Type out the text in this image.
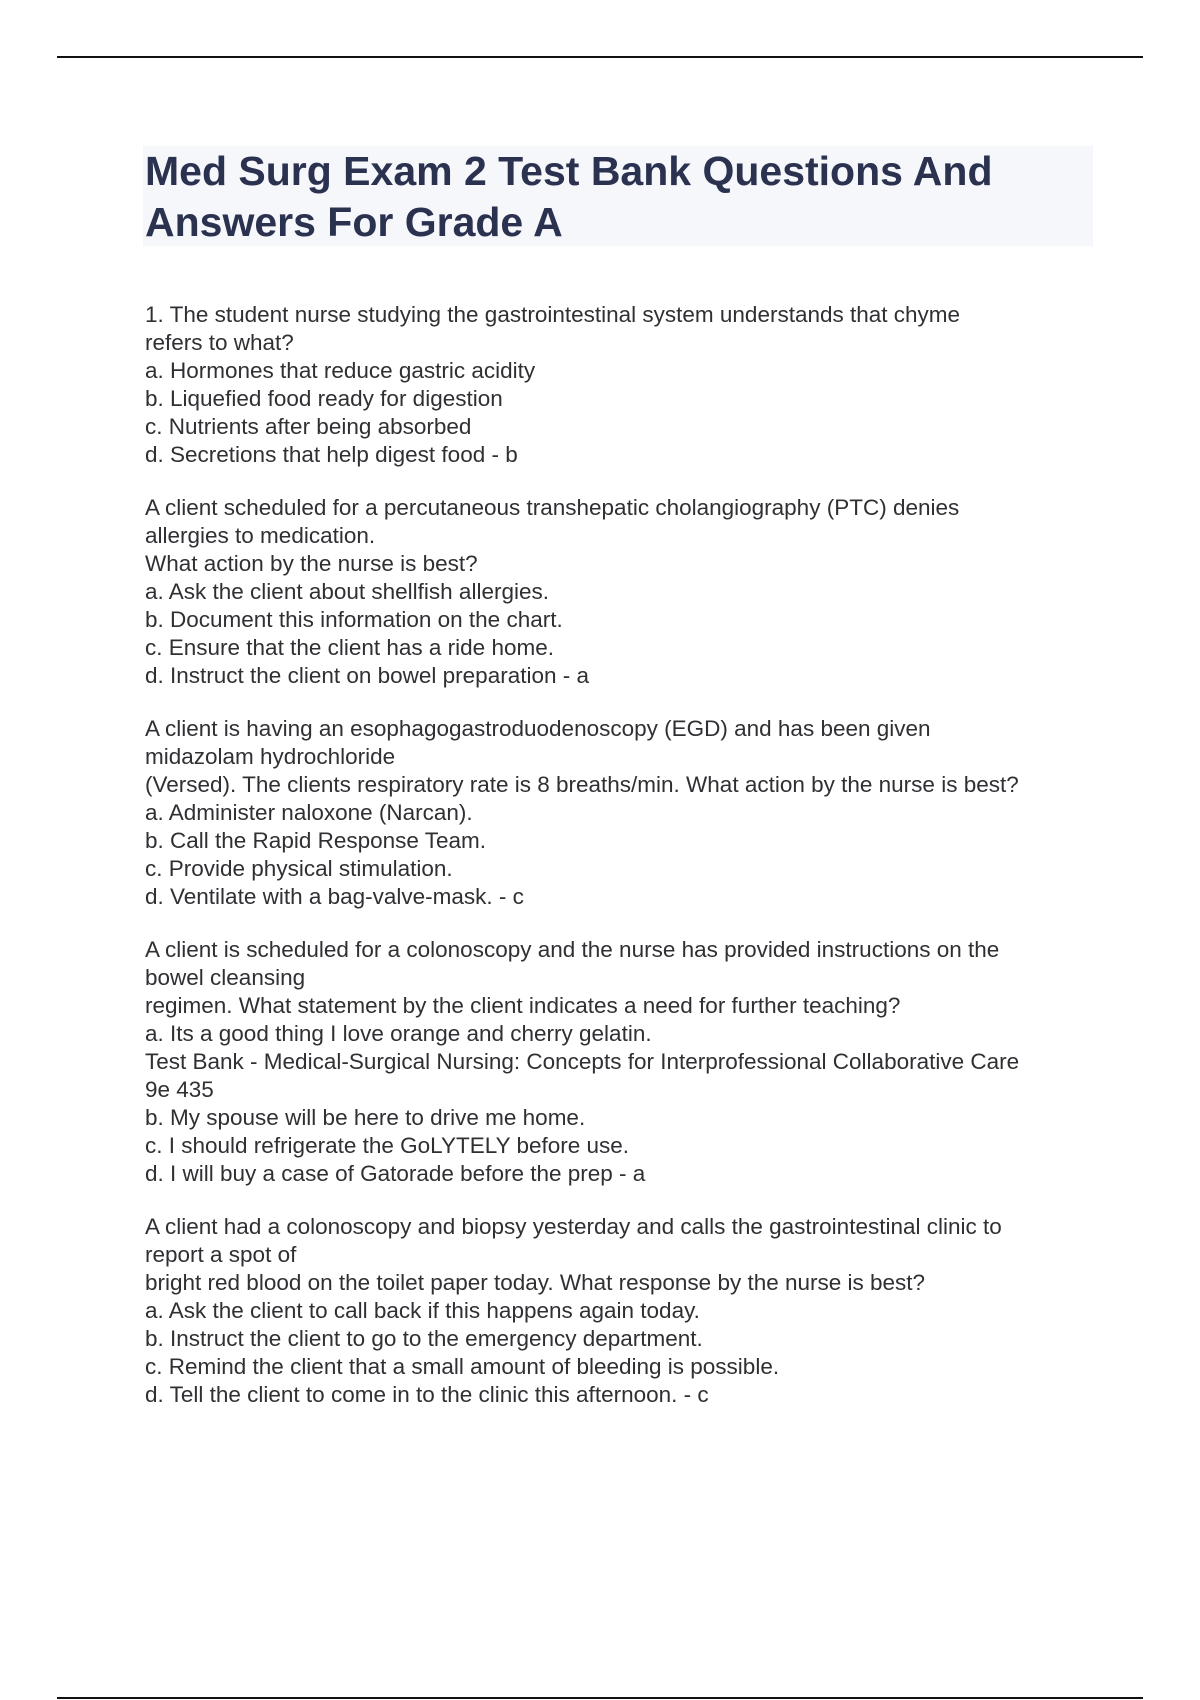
Med Surg Exam 2 Test Bank Questions And
Answers For Grade A
1. The student nurse studying the gastrointestinal system understands that chyme
refers to what?
a. Hormones that reduce gastric acidity
b. Liquefied food ready for digestion
c. Nutrients after being absorbed
d. Secretions that help digest food - b
A client scheduled for a percutaneous transhepatic cholangiography (PTC) denies
allergies to medication.
What action by the nurse is best?
a. Ask the client about shellfish allergies.
b. Document this information on the chart.
c. Ensure that the client has a ride home.
d. Instruct the client on bowel preparation - a
A client is having an esophagogastroduodenoscopy (EGD) and has been given
midazolam hydrochloride
(Versed). The clients respiratory rate is 8 breaths/min. What action by the nurse is best?
a. Administer naloxone (Narcan).
b. Call the Rapid Response Team.
c. Provide physical stimulation.
d. Ventilate with a bag-valve-mask. - c
A client is scheduled for a colonoscopy and the nurse has provided instructions on the
bowel cleansing
regimen. What statement by the client indicates a need for further teaching?
a. Its a good thing I love orange and cherry gelatin.
Test Bank - Medical-Surgical Nursing: Concepts for Interprofessional Collaborative Care
9e 435
b. My spouse will be here to drive me home.
c. I should refrigerate the GoLYTELY before use.
d. I will buy a case of Gatorade before the prep - a
A client had a colonoscopy and biopsy yesterday and calls the gastrointestinal clinic to
report a spot of
bright red blood on the toilet paper today. What response by the nurse is best?
a. Ask the client to call back if this happens again today.
b. Instruct the client to go to the emergency department.
c. Remind the client that a small amount of bleeding is possible.
d. Tell the client to come in to the clinic this afternoon. - c
